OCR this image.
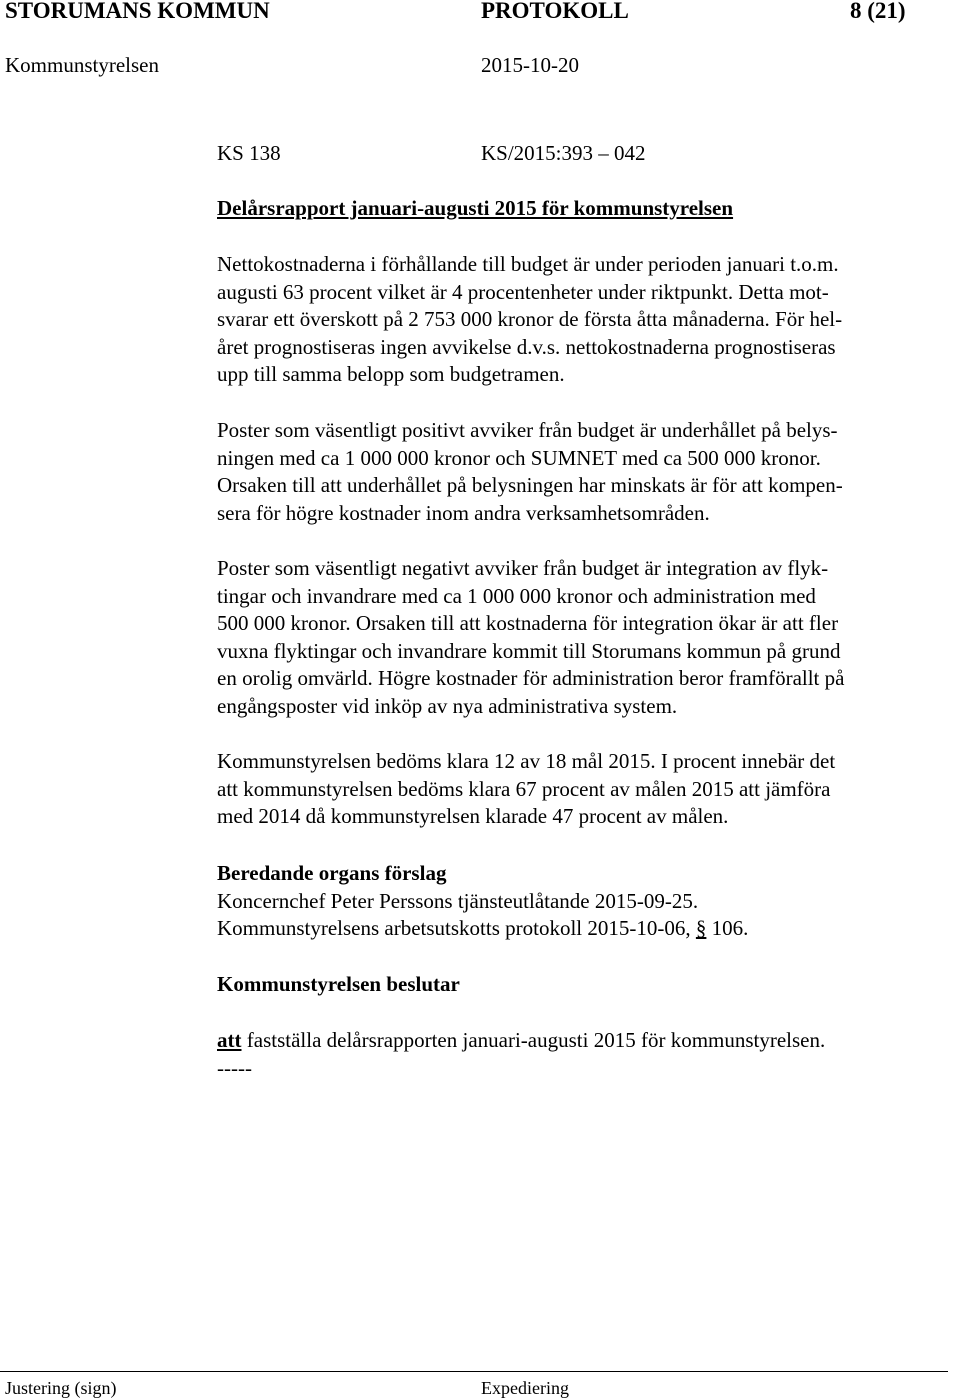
STORUMANS KOMMUN	PROTOKOLL	8 (21)
Kommunstyrelsen	2015-10-20
KS 138	KS/2015:393 – 042
Delårsrapport januari-augusti 2015 för kommunstyrelsen

Nettokostnaderna i förhållande till budget är under perioden januari t.o.m.

augusti 63 procent vilket är 4 procentenheter under riktpunkt. Detta mot-

svarar ett överskott på 2 753 000 kronor de första åtta månaderna. För hel-

året prognostiseras ingen avvikelse d.v.s. nettokostnaderna prognostiseras

upp till samma belopp som budgetramen.

Poster som väsentligt positivt avviker från budget är underhållet på belys-

ningen med ca 1 000 000 kronor och SUMNET med ca 500 000 kronor.

Orsaken till att underhållet på belysningen har minskats är för att kompen-

sera för högre kostnader inom andra verksamhetsområden.

Poster som väsentligt negativt avviker från budget är integration av flyk-

tingar och invandrare med ca 1 000 000 kronor och administration med

500 000 kronor. Orsaken till att kostnaderna för integration ökar är att fler

vuxna flyktingar och invandrare kommit till Storumans kommun på grund

en orolig omvärld. Högre kostnader för administration beror framförallt på

engångsposter vid inköp av nya administrativa system.

Kommunstyrelsen bedöms klara 12 av 18 mål 2015. I procent innebär det

att kommunstyrelsen bedöms klara 67 procent av målen 2015 att jämföra

med 2014 då kommunstyrelsen klarade 47 procent av målen.

Beredande organs förslag

Koncernchef Peter Perssons tjänsteutlåtande 2015-09-25.

Kommunstyrelsens arbetsutskotts protokoll 2015-10-06, § 106.

Kommunstyrelsen beslutar

att fastställa delårsrapporten januari-augusti 2015 för kommunstyrelsen.

-----

Justering (sign)	Expediering
